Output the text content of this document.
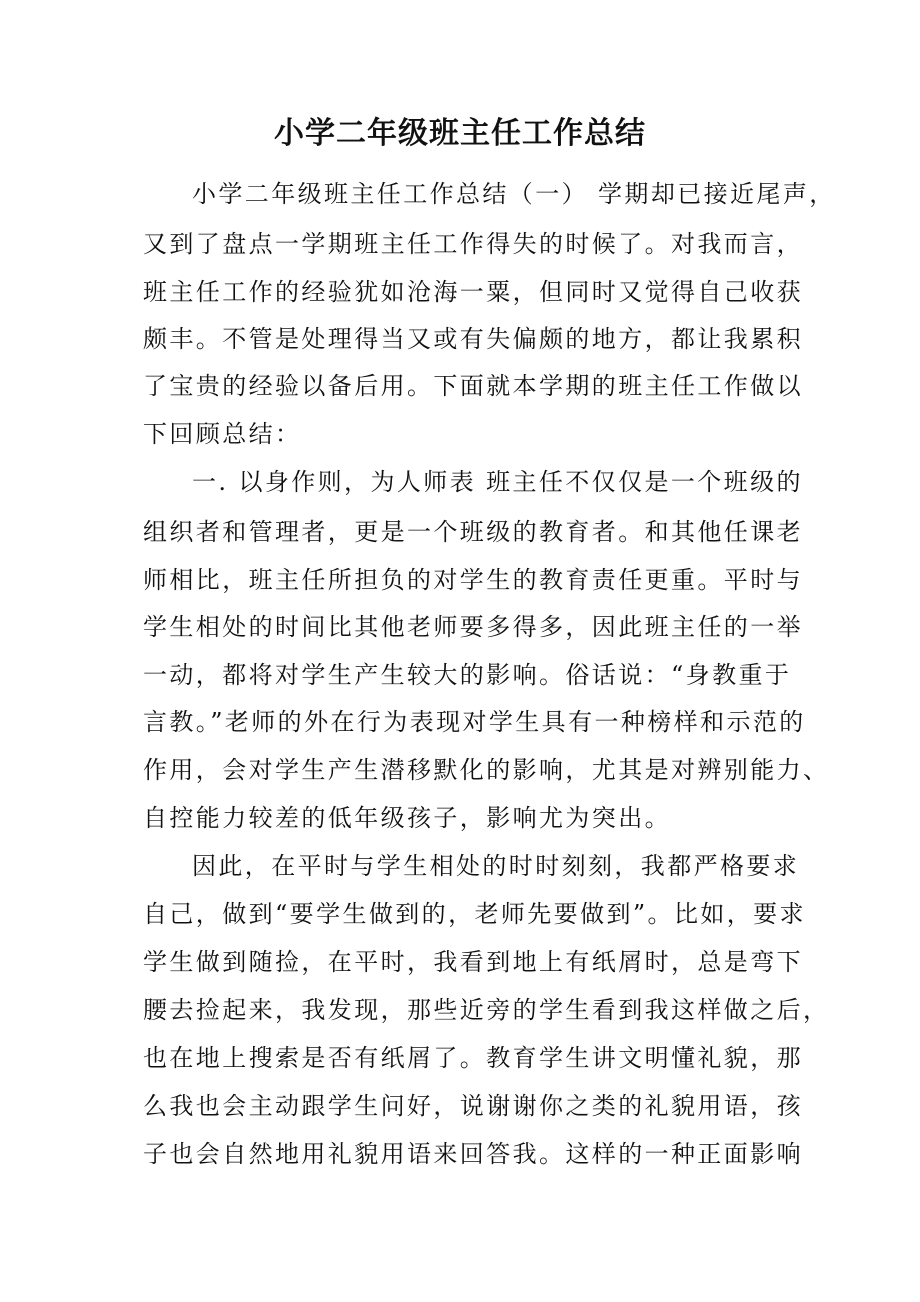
小学二年级班主任工作总结
小学二年级班主任工作总结（一） 学期却已接近尾声，
又到了盘点一学期班主任工作得失的时候了。对我而言，
班主任工作的经验犹如沧海一粟，但同时又觉得自己收获
颇丰。不管是处理得当又或有失偏颇的地方，都让我累积
了宝贵的经验以备后用。下面就本学期的班主任工作做以
下回顾总结：
一. 以身作则，为人师表 班主任不仅仅是一个班级的
组织者和管理者，更是一个班级的教育者。和其他任课老
师相比，班主任所担负的对学生的教育责任更重。平时与
学生相处的时间比其他老师要多得多，因此班主任的一举
一动，都将对学生产生较大的影响。俗话说：“身教重于
言教。”老师的外在行为表现对学生具有一种榜样和示范的
作用，会对学生产生潜移默化的影响，尤其是对辨别能力、
自控能力较差的低年级孩子，影响尤为突出。
因此，在平时与学生相处的时时刻刻，我都严格要求
自己，做到“要学生做到的，老师先要做到”。比如，要求
学生做到随捡，在平时，我看到地上有纸屑时，总是弯下
腰去捡起来，我发现，那些近旁的学生看到我这样做之后，
也在地上搜索是否有纸屑了。教育学生讲文明懂礼貌，那
么我也会主动跟学生问好，说谢谢你之类的礼貌用语，孩
子也会自然地用礼貌用语来回答我。这样的一种正面影响
